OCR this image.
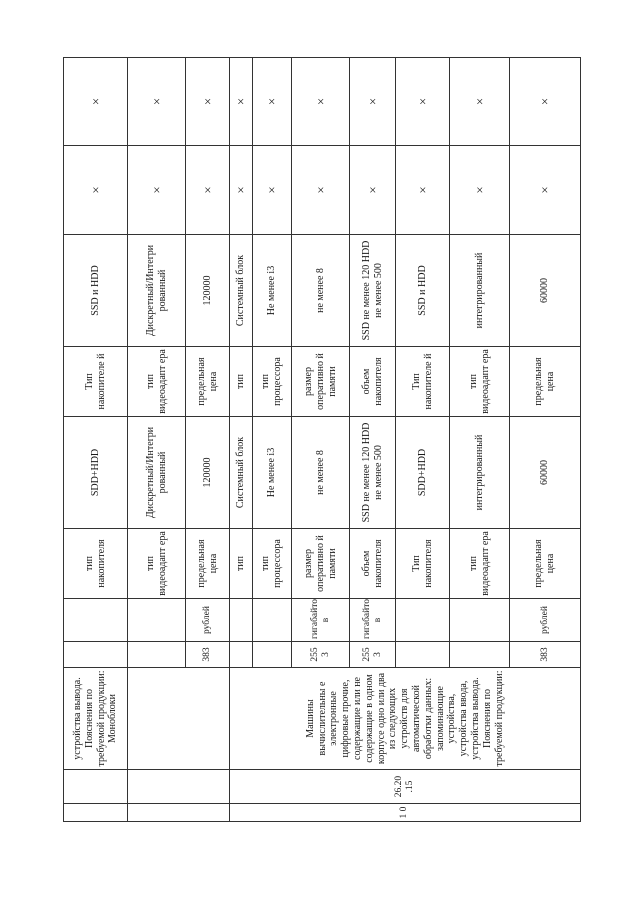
		устройства вывода. Пояснения по требуемой продукции: Моноблоки			тип накопителя	SDD+HDD	Тип накопителе й	SSD и HDD	×	×
					тип видеоадапт ера	Дискретный/Интегри рованный	тип видеоадапт ера	Дискретный/Интегри рованный	×	×
			383	рублей	предельная цена	120000	предельная цена	120000	×	×
1 0	26.20 .15	Машины вычислительны е электронные цифровые прочие, содержащие или не содержащие в одном корпусе одно или два из следующих устройств для автоматической обработки данных: запоминающие устройства, устройства ввода, устройства вывода. Пояснения по требуемой продукции:			тип	Системный блок	тип	Системный блок	×	×
					тип процессора	Не менее i3	тип процессора	Не менее i3	×	×
			255 3	гигабайто в	размер оперативно й памяти	не менее 8	размер оперативно й памяти	не менее 8	×	×
			255 3	гигабайто в	объем накопителя	SSD не менее 120 HDD не менее 500	объем накопителя	SSD не менее 120 HDD не менее 500	×	×
					Тип накопителя	SDD+HDD	Тип накопителе й	SSD и HDD	×	×
					тип видеоадапт ера	интегрированный	тип видеоадапт ера	интегрированный	×	×
			383	рублей	предельная цена	60000	предельная цена	60000	×	×
